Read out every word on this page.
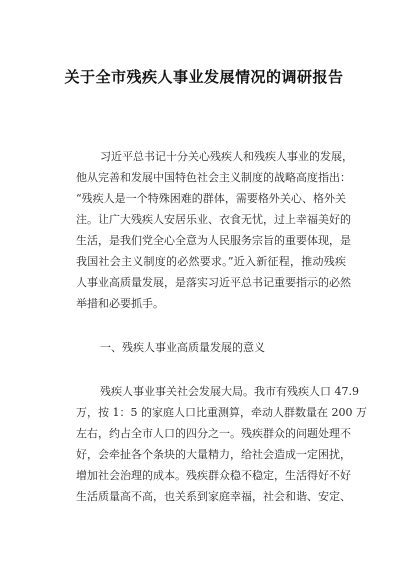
关于全市残疾人事业发展情况的调研报告
习近平总书记十分关心残疾人和残疾人事业的发展，
他从完善和发展中国特色社会主义制度的战略高度指出：
“残疾人是一个特殊困难的群体，需要格外关心、格外关
注。让广大残疾人安居乐业、衣食无忧，过上幸福美好的
生活，是我们党全心全意为人民服务宗旨的重要体现，是
我国社会主义制度的必然要求。”近入新征程，推动残疾
人事业高质量发展，是落实习近平总书记重要指示的必然
举措和必要抓手。
一、残疾人事业高质量发展的意义
残疾人事业事关社会发展大局。我市有残疾人口 47.9
万，按 1：5 的家庭人口比重测算，牵动人群数量在 200 万
左右，约占全市人口的四分之一。残疾群众的问题处理不
好，会牵扯各个条块的大量精力，给社会造成一定困扰，
增加社会治理的成本。残疾群众稳不稳定，生活得好不好
生活质量高不高，也关系到家庭幸福，社会和谐、安定、
